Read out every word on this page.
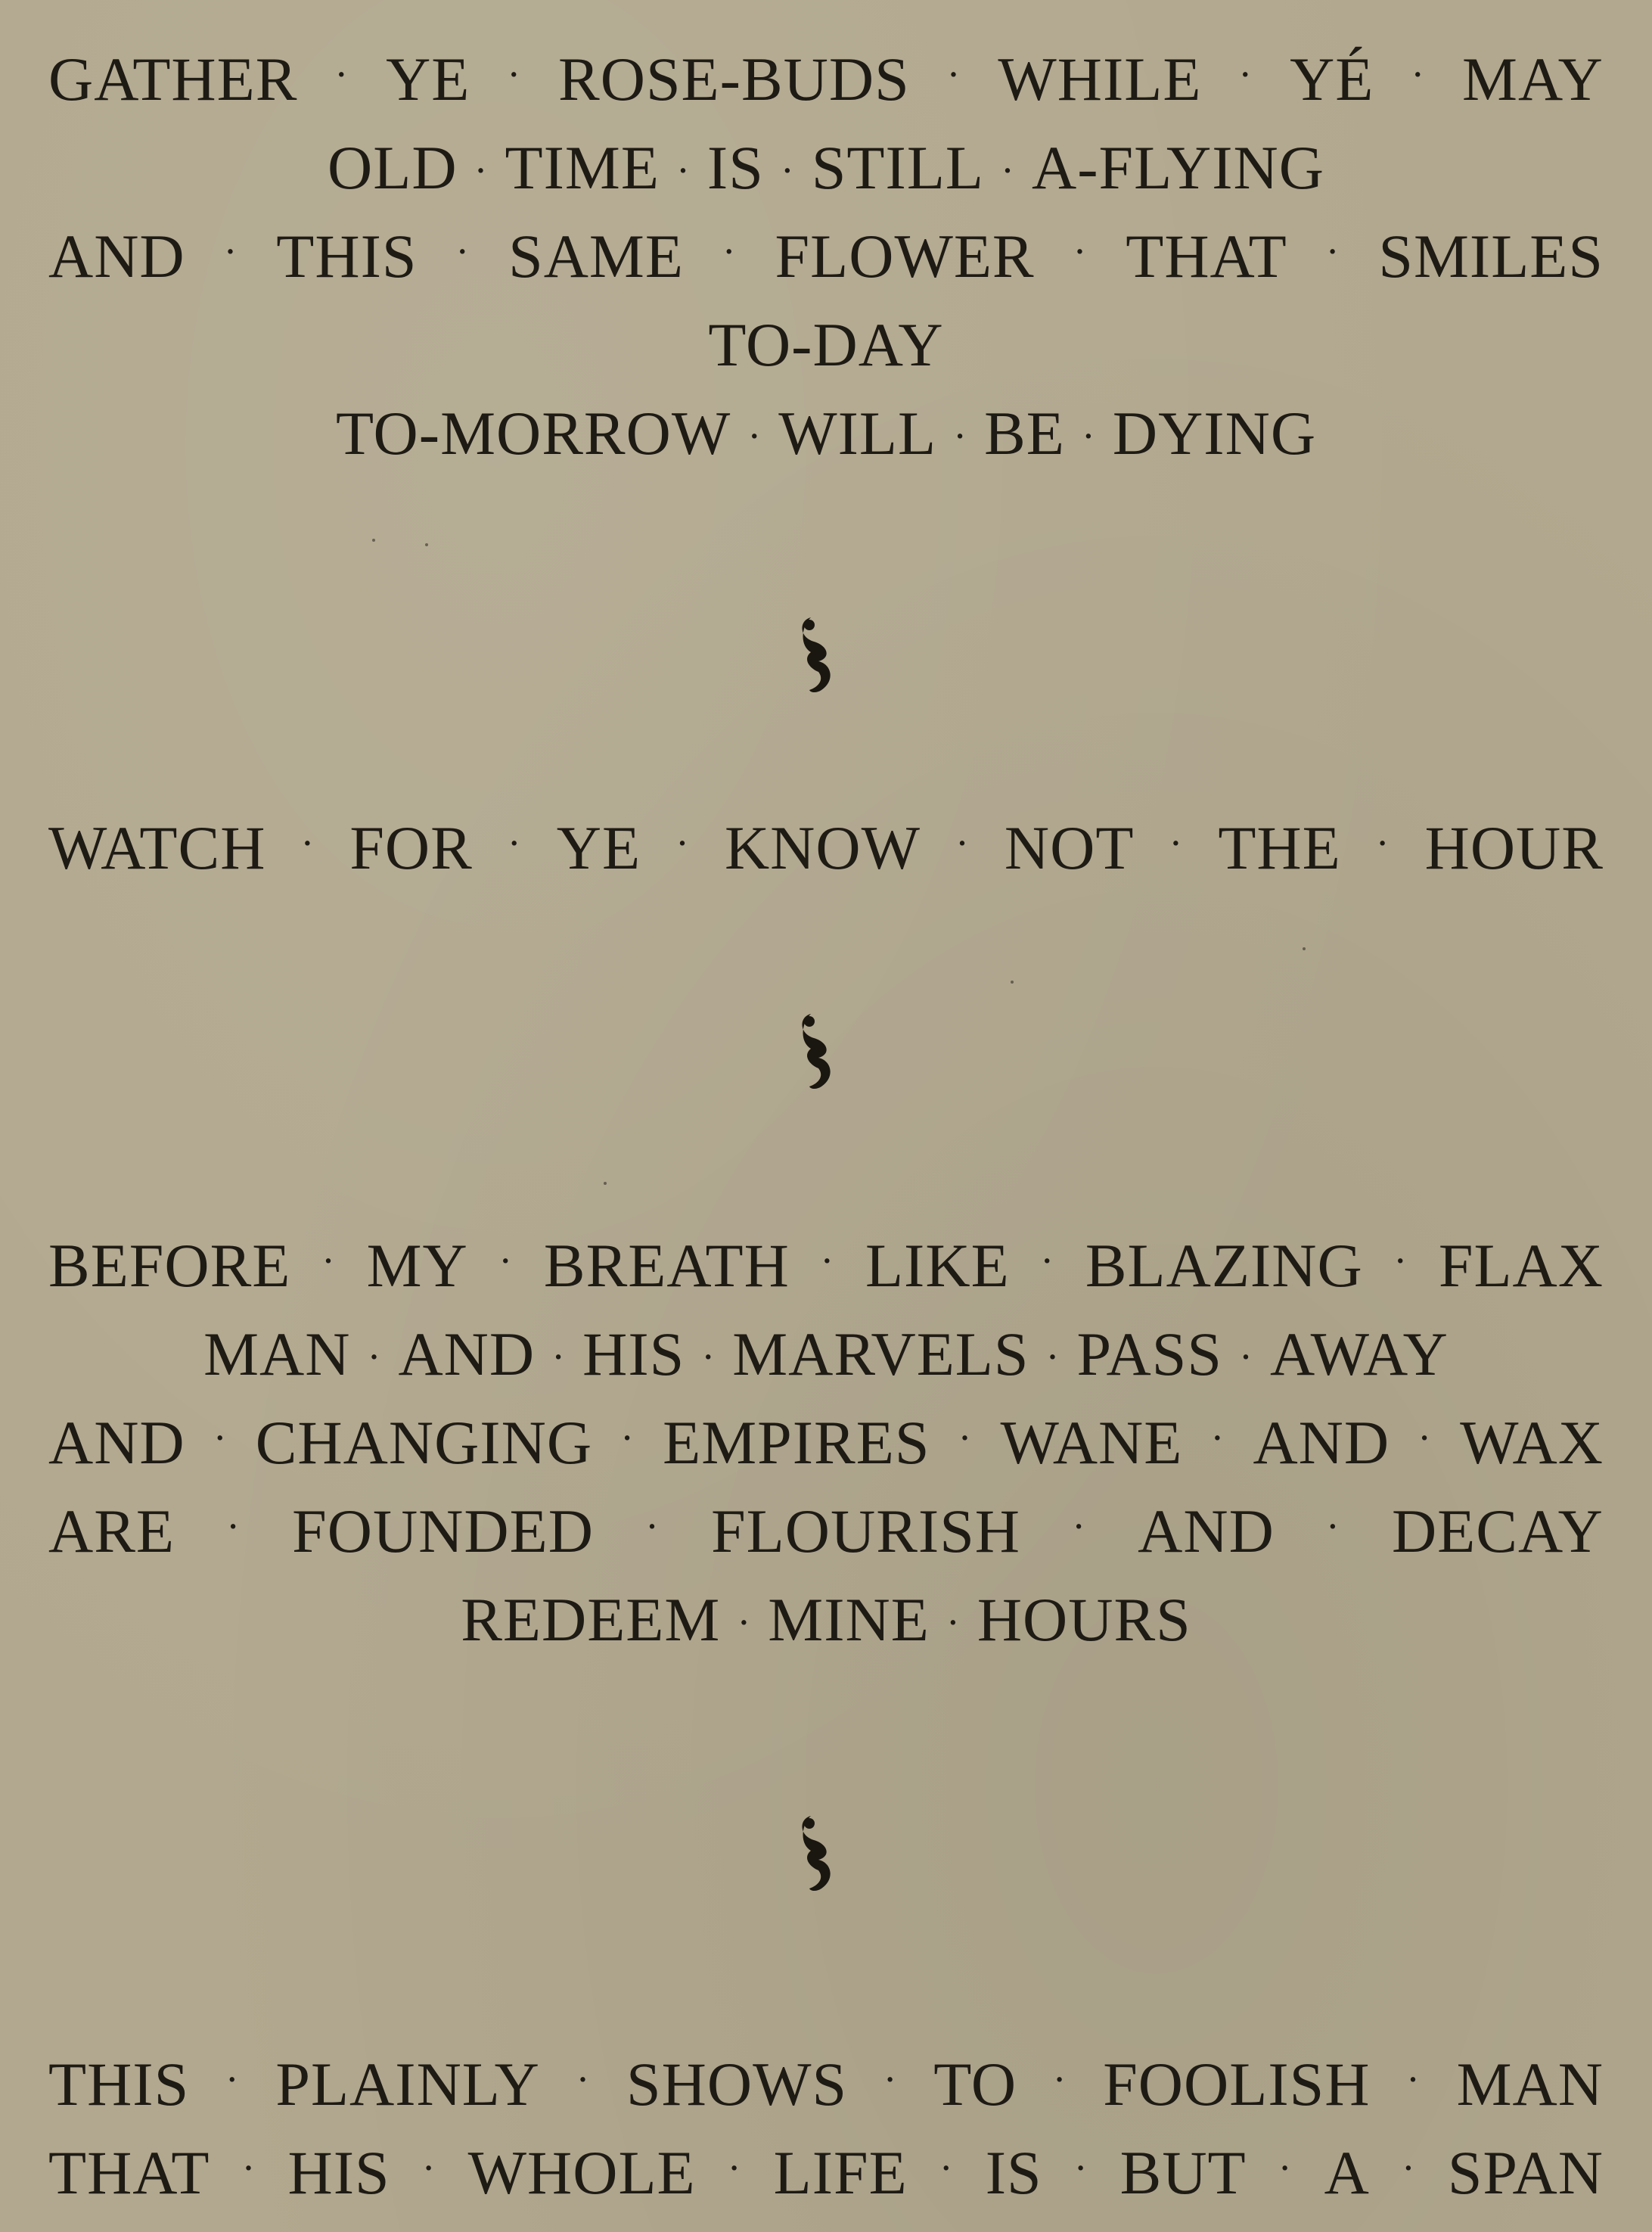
GATHER · YE · ROSE-BUDS · WHILE · YÉ · MAY
OLD · TIME · IS · STILL · A-FLYING
AND · THIS · SAME · FLOWER · THAT · SMILES
TO-DAY
TO-MORROW · WILL · BE · DYING
WATCH · FOR · YE · KNOW · NOT · THE · HOUR
BEFORE · MY · BREATH · LIKE · BLAZING · FLAX
MAN · AND · HIS · MARVELS · PASS · AWAY
AND · CHANGING · EMPIRES · WANE · AND · WAX
ARE · FOUNDED · FLOURISH · AND · DECAY
REDEEM · MINE · HOURS
THIS · PLAINLY · SHOWS · TO · FOOLISH · MAN
THAT · HIS · WHOLE · LIFE · IS · BUT · A · SPAN
